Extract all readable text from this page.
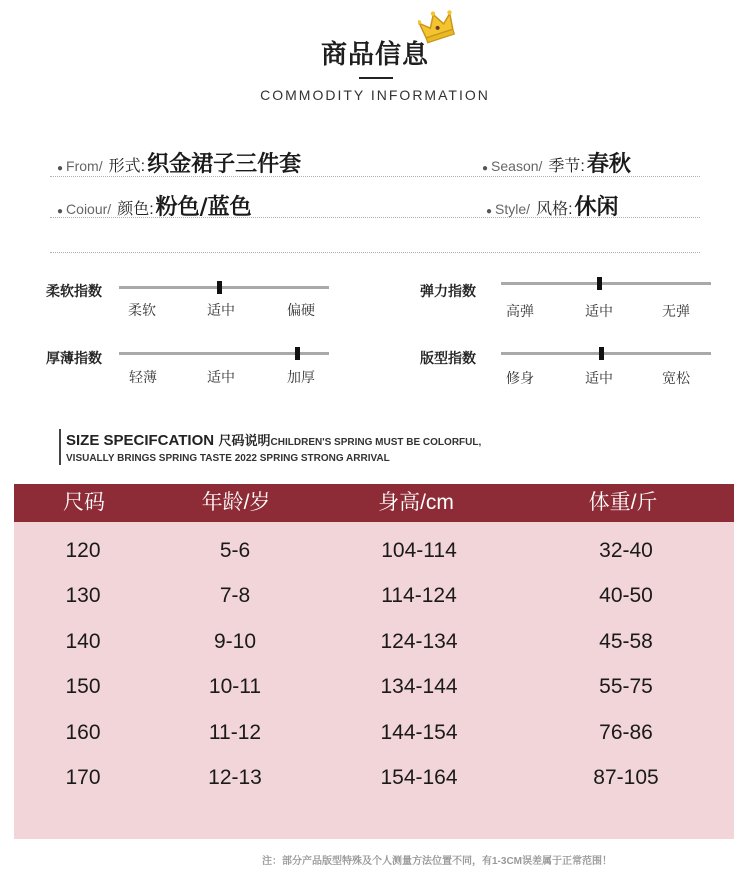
商品信息
COMMODITY INFORMATION
● From/ 形式: 织金裙子三件套	● Season/ 季节: 春秋
● Coiour/ 颜色: 粉色/蓝色	● Style/ 风格: 休闲
柔软指数
柔软	适中	偏硬
弹力指数
高弹	适中	无弹
厚薄指数
轻薄	适中	加厚
版型指数
修身	适中	宽松
SIZE SPECIFCATION 尺码说明CHILDREN'S SPRING MUST BE COLORFUL,
VISUALLY BRINGS SPRING TASTE 2022 SPRING STRONG ARRIVAL
尺码	年龄/岁	身高/cm	体重/斤
120	5-6	104-114	32-40
130	7-8	114-124	40-50
140	9-10	124-134	45-58
150	10-11	134-144	55-75
160	11-12	144-154	76-86
170	12-13	154-164	87-105
注：部分产品版型特殊及个人测量方法位置不同，有1-3CM误差属于正常范围！
